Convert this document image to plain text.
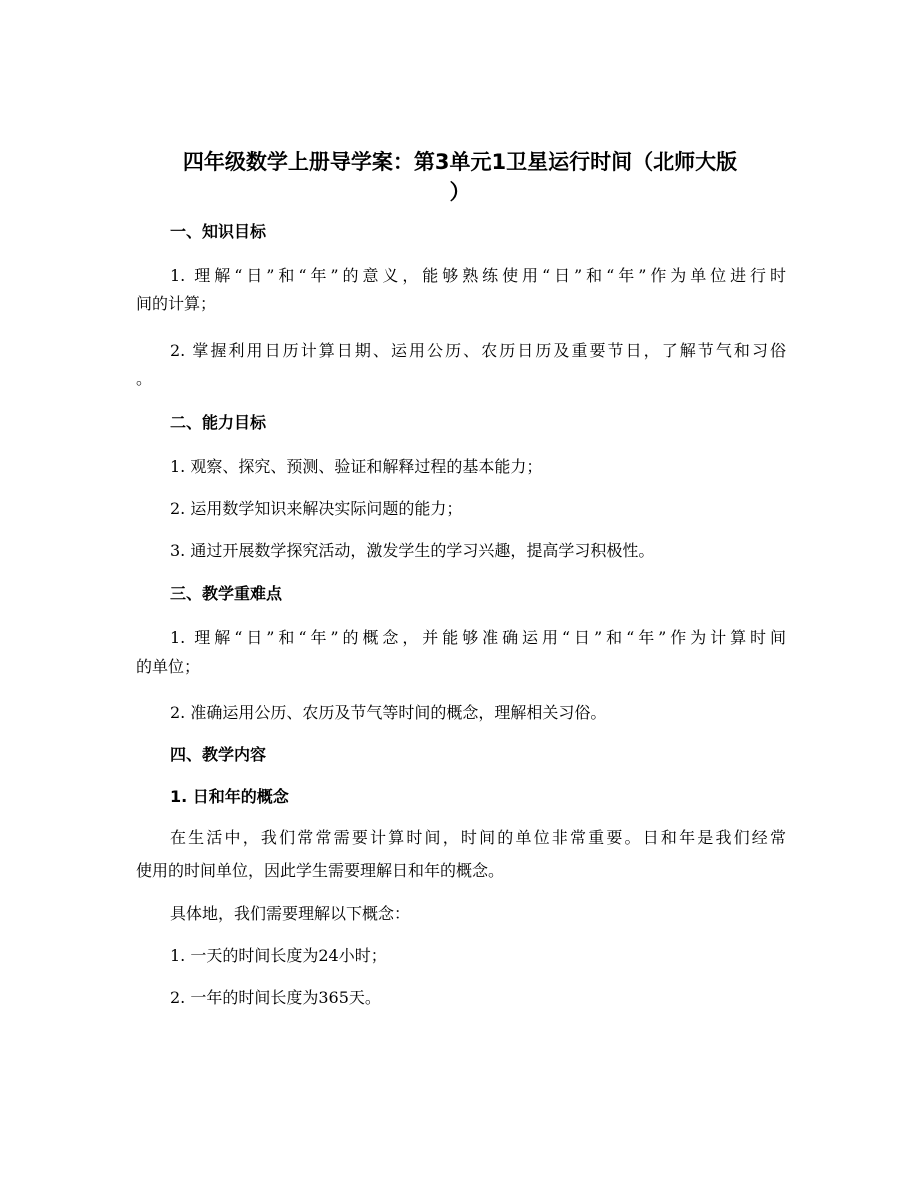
四年级数学上册导学案：第3单元1卫星运行时间（北师大版
）
一、知识目标
1. 理解“日”和“年”的意义，能够熟练使用“日”和“年”作为单位进行时
间的计算；
2. 掌握利用日历计算日期、运用公历、农历日历及重要节日，了解节气和习俗
。
二、能力目标
1. 观察、探究、预测、验证和解释过程的基本能力；
2. 运用数学知识来解决实际问题的能力；
3. 通过开展数学探究活动，激发学生的学习兴趣，提高学习积极性。
三、教学重难点
1. 理解“日”和“年”的概念，并能够准确运用“日”和“年”作为计算时间
的单位；
2. 准确运用公历、农历及节气等时间的概念，理解相关习俗。
四、教学内容
1. 日和年的概念
在生活中，我们常常需要计算时间，时间的单位非常重要。日和年是我们经常
使用的时间单位，因此学生需要理解日和年的概念。
具体地，我们需要理解以下概念：
1. 一天的时间长度为24小时；
2. 一年的时间长度为365天。
